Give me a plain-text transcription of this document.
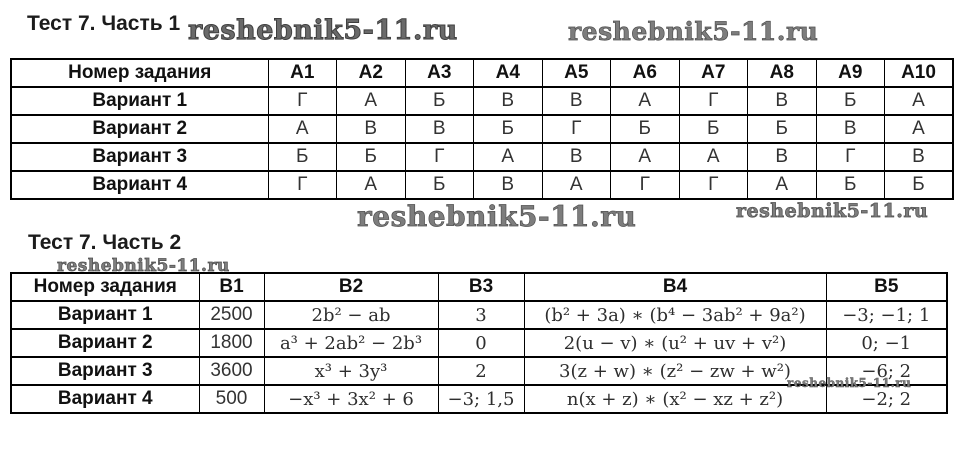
Тест 7. Часть 1 reshebnik5-11.ru	reshebnik5-11.ru
Номер задания	A1	A2	A3	A4	A5	A6	A7	A8	A9	A10
Вариант 1	Г	А	Б	В	В	А	Г	В	Б	А
Вариант 2	А	В	В	Б	Г	Б	Б	Б	В	А
Вариант 3	Б	Б	Г	А	В	А	А	В	Г	В
Вариант 4	Г	А	Б	В	А	Г	Г	А	Б	Б
reshebnik5-11.ru	reshebnik5-11.ru
Тест 7. Часть 2
reshebnik5-11.ru
Номер задания	B1	B2	B3	B4	B5
Вариант 1	2500	2b² − ab	3	(b² + 3a) ∗ (b⁴ − 3ab² + 9a²)	−3; −1; 1
Вариант 2	1800	a³ + 2ab² − 2b³	0	2(u − v) ∗ (u² + uv + v²)	0; −1
Вариант 3	3600	x³ + 3y³	2	3(z + w) ∗ (z² − zw + w²)	−6; 2
Вариант 4	500	−x³ + 3x² + 6	−3; 1,5	n(x + z) ∗ (x² − xz + z²)	−2; 2
reshebnik5-11.ru
